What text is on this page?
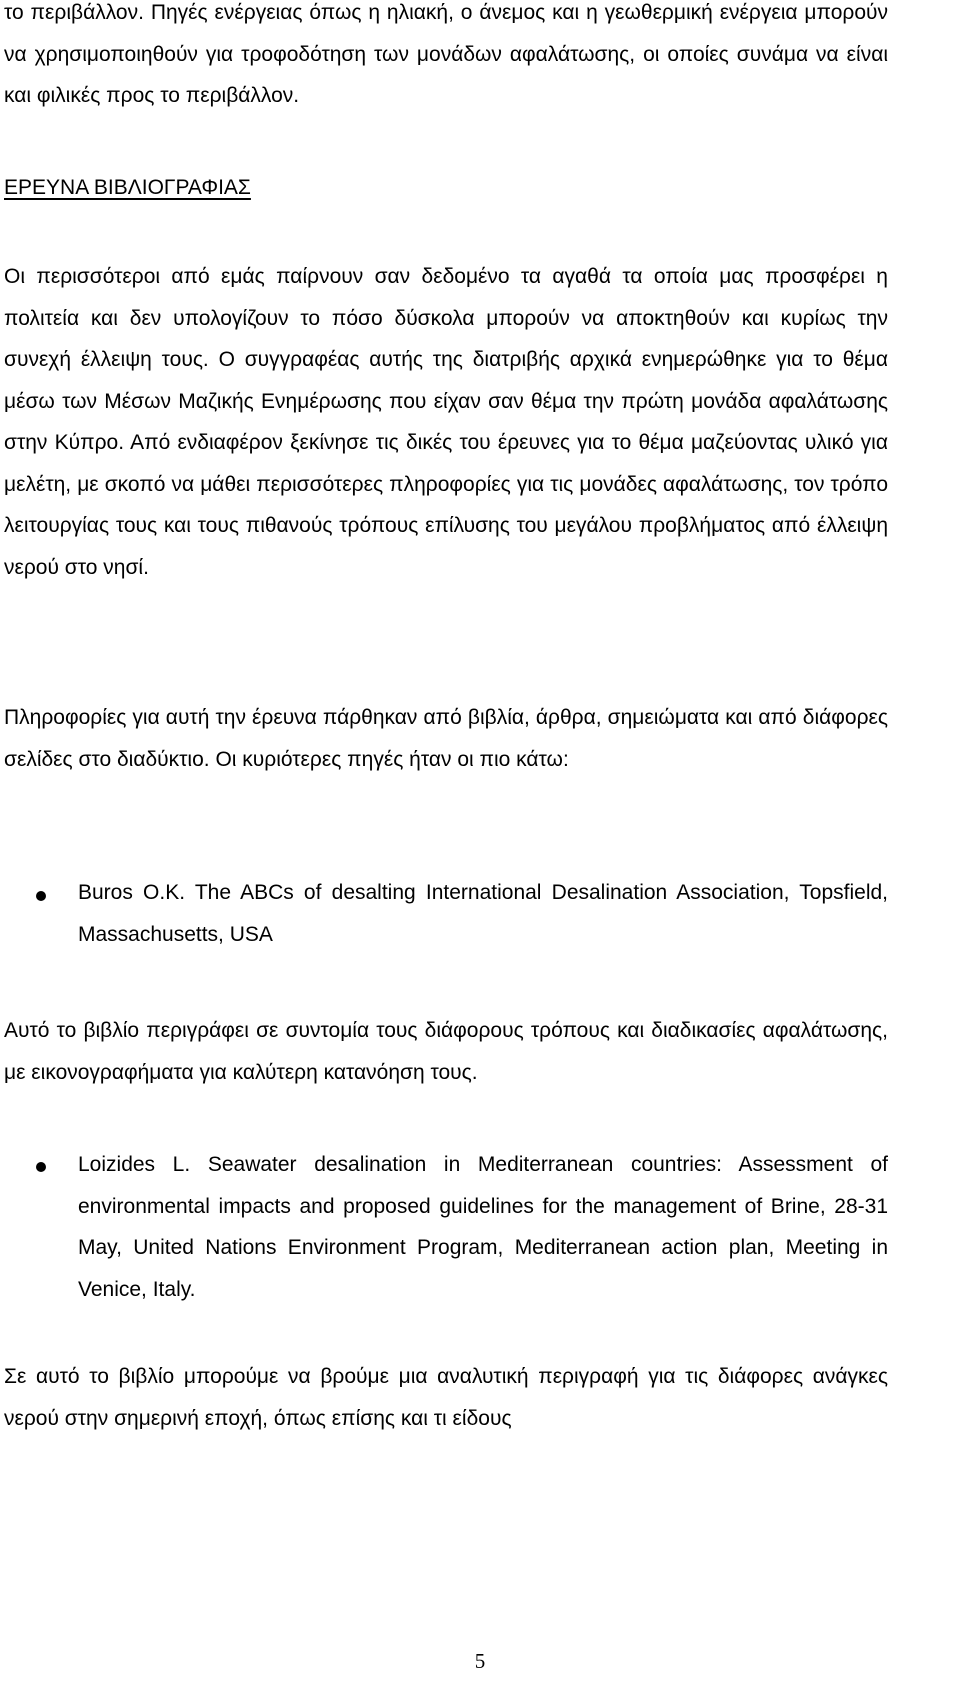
το περιβάλλον. Πηγές ενέργειας όπως η ηλιακή, ο άνεμος και η γεωθερμική ενέργεια μπορούν να χρησιμοποιηθούν για τροφοδότηση των μονάδων αφαλάτωσης, οι οποίες συνάμα να είναι και φιλικές προς το περιβάλλον.

ΕΡΕΥΝΑ ΒΙΒΛΙΟΓΡΑΦΙΑΣ

Οι περισσότεροι από εμάς παίρνουν σαν δεδομένο τα αγαθά τα οποία μας προσφέρει η πολιτεία και δεν υπολογίζουν το πόσο δύσκολα μπορούν να αποκτηθούν και κυρίως την συνεχή έλλειψη τους. Ο συγγραφέας αυτής της διατριβής αρχικά ενημερώθηκε για το θέμα μέσω των Μέσων Μαζικής Ενημέρωσης που είχαν σαν θέμα την πρώτη μονάδα αφαλάτωσης στην Κύπρο. Από ενδιαφέρον ξεκίνησε τις δικές του έρευνες για το θέμα μαζεύοντας υλικό για μελέτη, με σκοπό να μάθει περισσότερες πληροφορίες για τις μονάδες αφαλάτωσης, τον τρόπο λειτουργίας τους και τους πιθανούς τρόπους επίλυσης του μεγάλου προβλήματος από έλλειψη νερού στο νησί.

Πληροφορίες για αυτή την έρευνα πάρθηκαν από βιβλία, άρθρα, σημειώματα και από διάφορες σελίδες στο διαδύκτιο. Οι κυριότερες πηγές ήταν οι πιο κάτω:

Buros O.K. The ABCs of desalting International Desalination Association, Topsfield, Massachusetts, USA

Αυτό το βιβλίο περιγράφει σε συντομία τους διάφορους τρόπους και διαδικασίες αφαλάτωσης, με εικονογραφήματα για καλύτερη κατανόηση τους.

Loizides L. Seawater desalination in Mediterranean countries: Assessment of environmental impacts and proposed guidelines for the management of Brine, 28-31 May, United Nations Environment Program, Mediterranean action plan, Meeting in Venice, Italy.

Σε αυτό το βιβλίο μπορούμε να βρούμε μια αναλυτική περιγραφή για τις διάφορες ανάγκες νερού στην σημερινή εποχή, όπως επίσης και τι είδους

5
